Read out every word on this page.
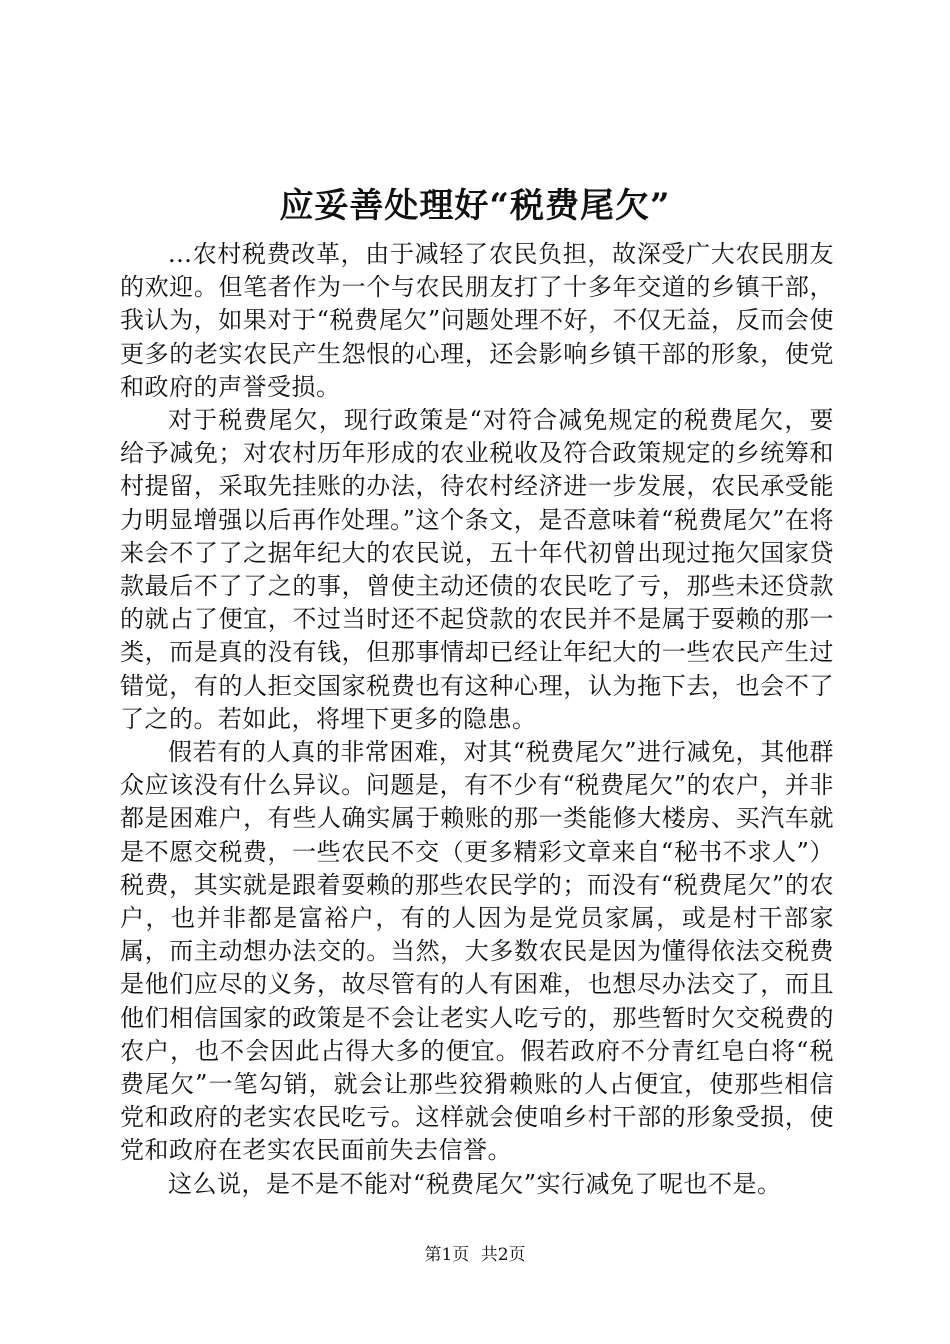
应妥善处理好“税费尾欠”

...农村税费改革，由于减轻了农民负担，故深受广大农民朋友的欢迎。但笔者作为一个与农民朋友打了十多年交道的乡镇干部，我认为，如果对于“税费尾欠”问题处理不好，不仅无益，反而会使更多的老实农民产生怨恨的心理，还会影响乡镇干部的形象，使党和政府的声誉受损。

对于税费尾欠，现行政策是“对符合减免规定的税费尾欠，要给予减免；对农村历年形成的农业税收及符合政策规定的乡统筹和村提留，采取先挂账的办法，待农村经济进一步发展，农民承受能力明显增强以后再作处理。”这个条文，是否意味着“税费尾欠”在将来会不了了之据年纪大的农民说，五十年代初曾出现过拖欠国家贷款最后不了了之的事，曾使主动还债的农民吃了亏，那些未还贷款的就占了便宜，不过当时还不起贷款的农民并不是属于耍赖的那一类，而是真的没有钱，但那事情却已经让年纪大的一些农民产生过错觉，有的人拒交国家税费也有这种心理，认为拖下去，也会不了了之的。若如此，将埋下更多的隐患。

假若有的人真的非常困难，对其“税费尾欠”进行减免，其他群众应该没有什么异议。问题是，有不少有“税费尾欠”的农户，并非都是困难户，有些人确实属于赖账的那一类能修大楼房、买汽车就是不愿交税费，一些农民不交（更多精彩文章来自“秘书不求人”）税费，其实就是跟着耍赖的那些农民学的；而没有“税费尾欠”的农户，也并非都是富裕户，有的人因为是党员家属，或是村干部家属，而主动想办法交的。当然，大多数农民是因为懂得依法交税费是他们应尽的义务，故尽管有的人有困难，也想尽办法交了，而且他们相信国家的政策是不会让老实人吃亏的，那些暂时欠交税费的农户，也不会因此占得大多的便宜。假若政府不分青红皂白将“税费尾欠”一笔勾销，就会让那些狡猾赖账的人占便宜，使那些相信党和政府的老实农民吃亏。这样就会使咱乡村干部的形象受损，使党和政府在老实农民面前失去信誉。

这么说，是不是不能对“税费尾欠”实行减免了呢也不是。

第1页 共2页
